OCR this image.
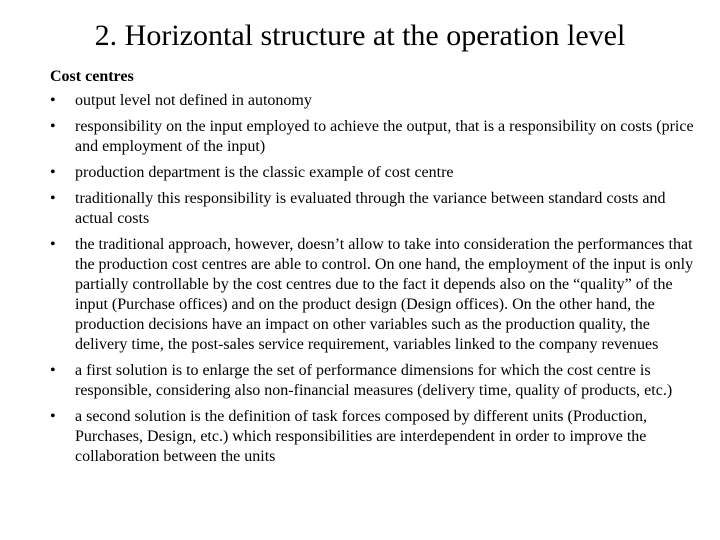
2. Horizontal structure at the operation level
Cost centres
• output level not defined in autonomy
• responsibility on the input employed to achieve the output, that is a responsibility on costs (price and employment of the input)
• production department is the classic example of cost centre
• traditionally this responsibility is evaluated through the variance between standard costs and actual costs
• the traditional approach, however, doesn’t allow to take into consideration the performances that the production cost centres are able to control. On one hand, the employment of the input is only partially controllable by the cost centres due to the fact it depends also on the “quality” of the input (Purchase offices) and on the product design (Design offices). On the other hand, the production decisions have an impact on other variables such as the production quality, the delivery time, the post-sales service requirement, variables linked to the company revenues
• a first solution is to enlarge the set of performance dimensions for which the cost centre is responsible, considering also non-financial measures (delivery time, quality of products, etc.)
• a second solution is the definition of task forces composed by different units (Production, Purchases, Design, etc.) which responsibilities are interdependent in order to improve the collaboration between the units
